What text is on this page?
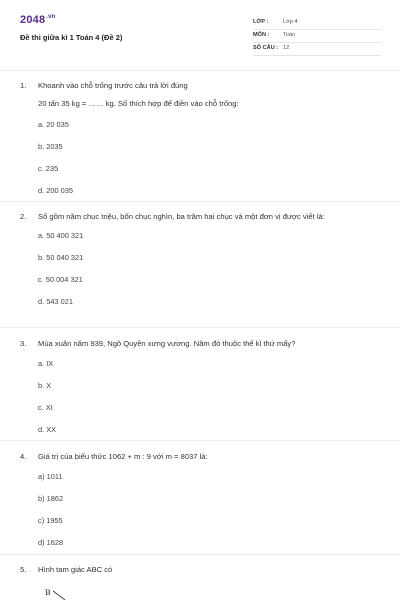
$2048^{.vn}$
Đề thi giữa kì 1 Toán 4 (Đề 2)
LỚP :	Lớp 4
MÔN : Toán
SỐ CÂU : 12
1. Khoanh vào chỗ trống trước câu trả lời đúng
20 tấn 35 kg = …… kg. Số thích hợp để điền vào chỗ trống:
a. 20 035
b. 2035
c. 235
d. 200 035
2. Số gồm năm chục triệu, bốn chục nghìn, ba trăm hai chục và một đơn vị được viết là:
a. 50 400 321
b. 50 040 321
c. 50 004 321
d. 543 021
3. Mùa xuân năm 939, Ngô Quyền xưng vương. Năm đó thuộc thế kỉ thứ mấy?
a. IX
b. X
c. XI
d. XX
4. Giá trị của biểu thức 1062 + m : 9 với m = 8037 là:
a) 1011
b) 1862
c) 1955
d) 1628
5. Hình tam giác ABC có
B
